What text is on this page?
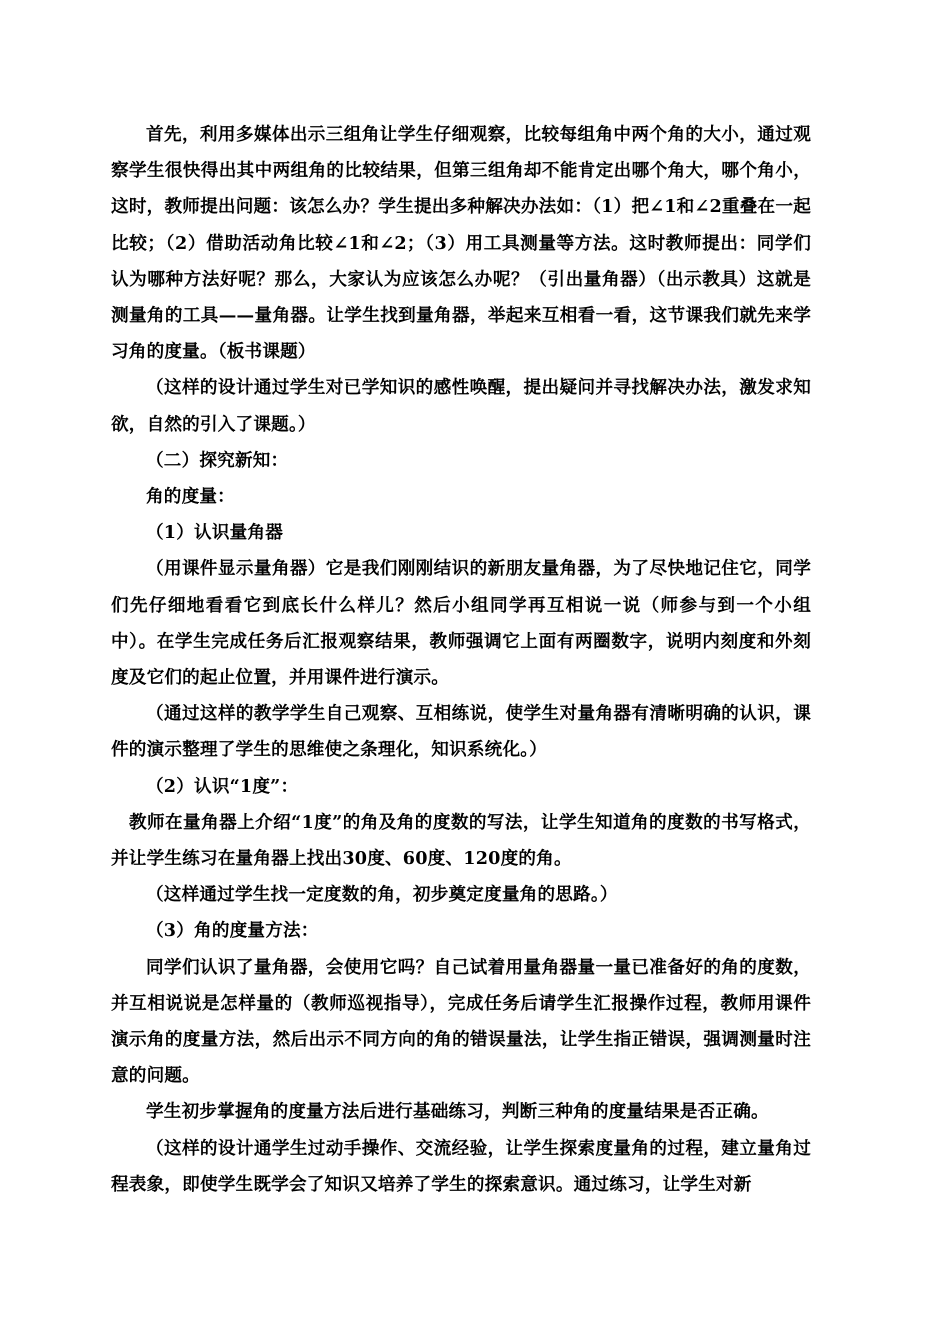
首先，利用多媒体出示三组角让学生仔细观察，比较每组角中两个角的大小，通过观察学生很快得出其中两组角的比较结果，但第三组角却不能肯定出哪个角大，哪个角小，这时，教师提出问题：该怎么办？学生提出多种解决办法如：（1）把∠1和∠2重叠在一起比较；（2）借助活动角比较∠1和∠2；（3）用工具测量等方法。这时教师提出：同学们认为哪种方法好呢？那么，大家认为应该怎么办呢？（引出量角器）（出示教具）这就是测量角的工具——量角器。让学生找到量角器，举起来互相看一看，这节课我们就先来学习角的度量。（板书课题）

（这样的设计通过学生对已学知识的感性唤醒，提出疑问并寻找解决办法，激发求知欲，自然的引入了课题。）

（二）探究新知：

角的度量：

（1）认识量角器

（用课件显示量角器）它是我们刚刚结识的新朋友量角器，为了尽快地记住它，同学们先仔细地看看它到底长什么样儿？然后小组同学再互相说一说（师参与到一个小组中）。在学生完成任务后汇报观察结果，教师强调它上面有两圈数字，说明内刻度和外刻度及它们的起止位置，并用课件进行演示。

（通过这样的教学学生自己观察、互相练说，使学生对量角器有清晰明确的认识，课件的演示整理了学生的思维使之条理化，知识系统化。）

（2）认识“1度”：

教师在量角器上介绍“1度”的角及角的度数的写法，让学生知道角的度数的书写格式，并让学生练习在量角器上找出30度、60度、120度的角。

（这样通过学生找一定度数的角，初步奠定度量角的思路。）

（3）角的度量方法：

同学们认识了量角器，会使用它吗？自己试着用量角器量一量已准备好的角的度数，并互相说说是怎样量的（教师巡视指导），完成任务后请学生汇报操作过程，教师用课件演示角的度量方法，然后出示不同方向的角的错误量法，让学生指正错误，强调测量时注意的问题。

学生初步掌握角的度量方法后进行基础练习，判断三种角的度量结果是否正确。

（这样的设计通学生过动手操作、交流经验，让学生探索度量角的过程，建立量角过程表象，即使学生既学会了知识又培养了学生的探索意识。通过练习，让学生对新
